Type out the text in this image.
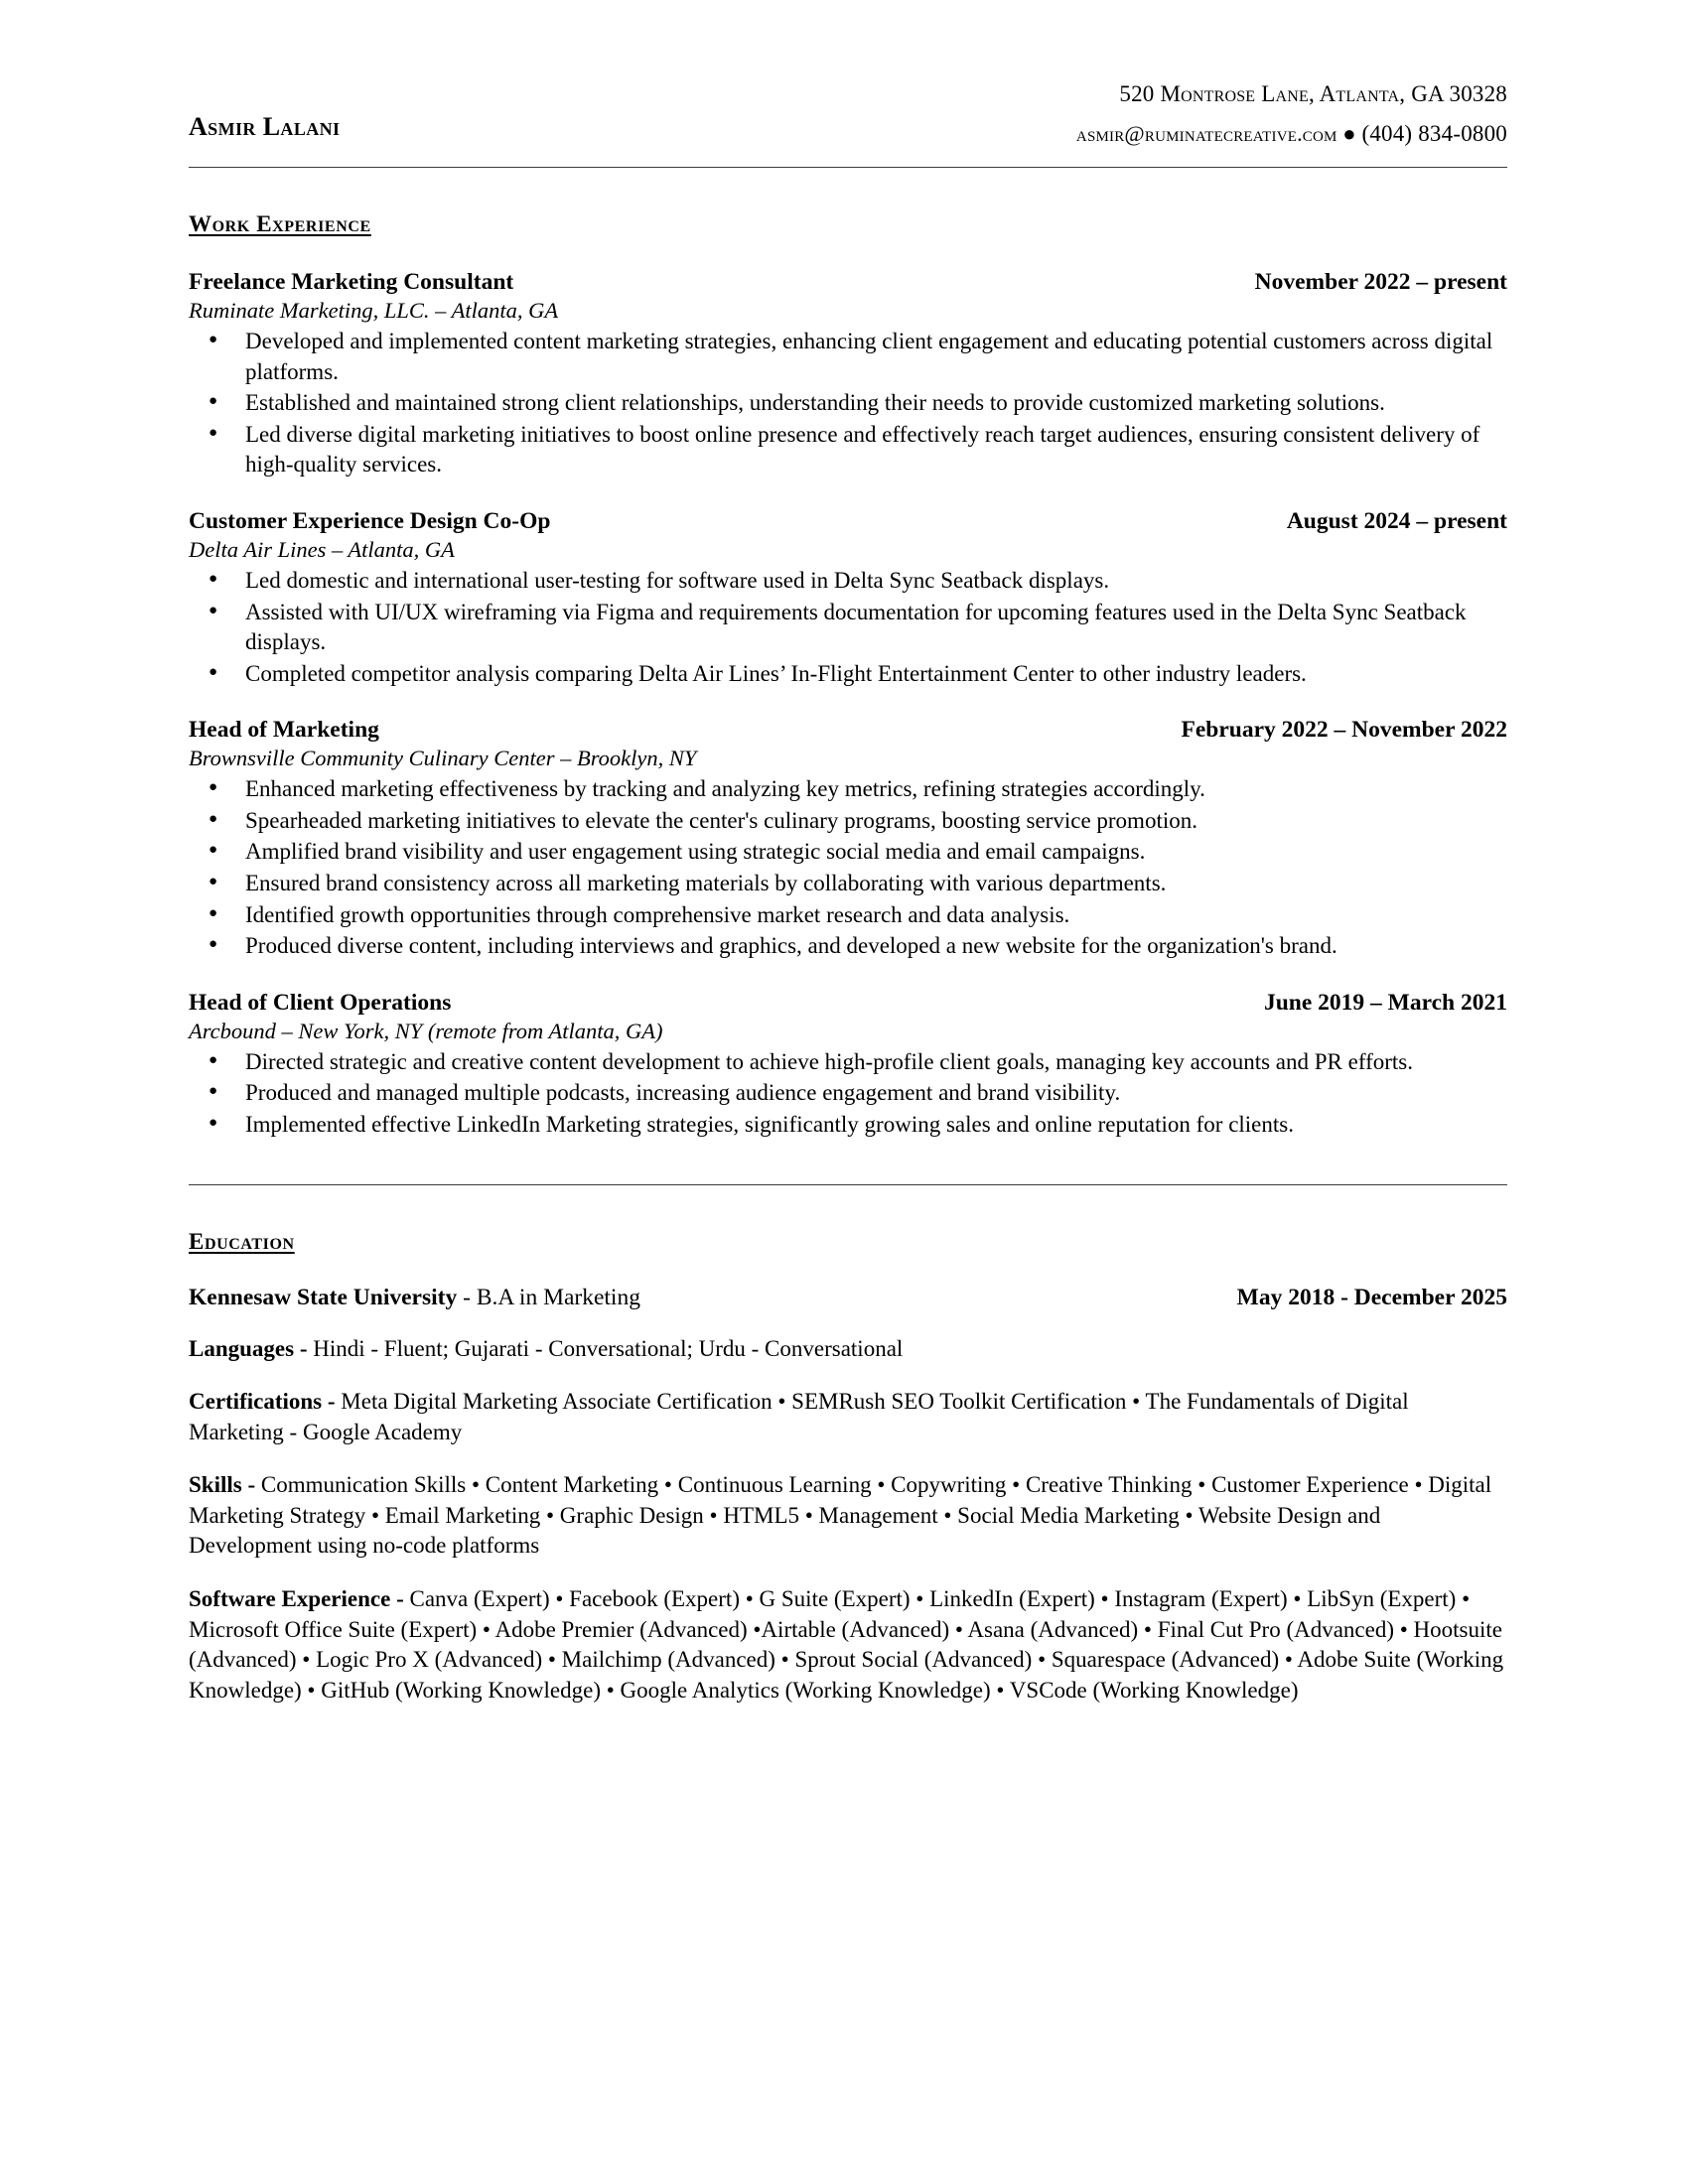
Asmir Lalani
520 Montrose Lane, Atlanta, GA 30328
asmir@ruminatecreative.com ● (404) 834-0800
Work Experience
Freelance Marketing Consultant	November 2022 – present
Ruminate Marketing, LLC. – Atlanta, GA
● Developed and implemented content marketing strategies, enhancing client engagement and educating potential customers across digital platforms.
● Established and maintained strong client relationships, understanding their needs to provide customized marketing solutions.
● Led diverse digital marketing initiatives to boost online presence and effectively reach target audiences, ensuring consistent delivery of high-quality services.
Customer Experience Design Co-Op	August 2024 – present
Delta Air Lines – Atlanta, GA
● Led domestic and international user-testing for software used in Delta Sync Seatback displays.
● Assisted with UI/UX wireframing via Figma and requirements documentation for upcoming features used in the Delta Sync Seatback displays.
● Completed competitor analysis comparing Delta Air Lines’ In-Flight Entertainment Center to other industry leaders.
Head of Marketing	February 2022 – November 2022
Brownsville Community Culinary Center – Brooklyn, NY
● Enhanced marketing effectiveness by tracking and analyzing key metrics, refining strategies accordingly.
● Spearheaded marketing initiatives to elevate the center's culinary programs, boosting service promotion.
● Amplified brand visibility and user engagement using strategic social media and email campaigns.
● Ensured brand consistency across all marketing materials by collaborating with various departments.
● Identified growth opportunities through comprehensive market research and data analysis.
● Produced diverse content, including interviews and graphics, and developed a new website for the organization's brand.
Head of Client Operations	June 2019 – March 2021
Arcbound – New York, NY (remote from Atlanta, GA)
● Directed strategic and creative content development to achieve high-profile client goals, managing key accounts and PR efforts.
● Produced and managed multiple podcasts, increasing audience engagement and brand visibility.
● Implemented effective LinkedIn Marketing strategies, significantly growing sales and online reputation for clients.
Education
Kennesaw State University - B.A in Marketing	May 2018 - December 2025
Languages - Hindi - Fluent; Gujarati - Conversational; Urdu - Conversational
Certifications - Meta Digital Marketing Associate Certification • SEMRush SEO Toolkit Certification • The Fundamentals of Digital Marketing - Google Academy
Skills - Communication Skills • Content Marketing • Continuous Learning • Copywriting • Creative Thinking • Customer Experience • Digital Marketing Strategy • Email Marketing • Graphic Design • HTML5 • Management • Social Media Marketing • Website Design and Development using no-code platforms
Software Experience - Canva (Expert) • Facebook (Expert) • G Suite (Expert) • LinkedIn (Expert) • Instagram (Expert) • LibSyn (Expert) • Microsoft Office Suite (Expert) • Adobe Premier (Advanced) •Airtable (Advanced) • Asana (Advanced) • Final Cut Pro (Advanced) • Hootsuite (Advanced) • Logic Pro X (Advanced) • Mailchimp (Advanced) • Sprout Social (Advanced) • Squarespace (Advanced) • Adobe Suite (Working Knowledge) • GitHub (Working Knowledge) • Google Analytics (Working Knowledge) • VSCode (Working Knowledge)
